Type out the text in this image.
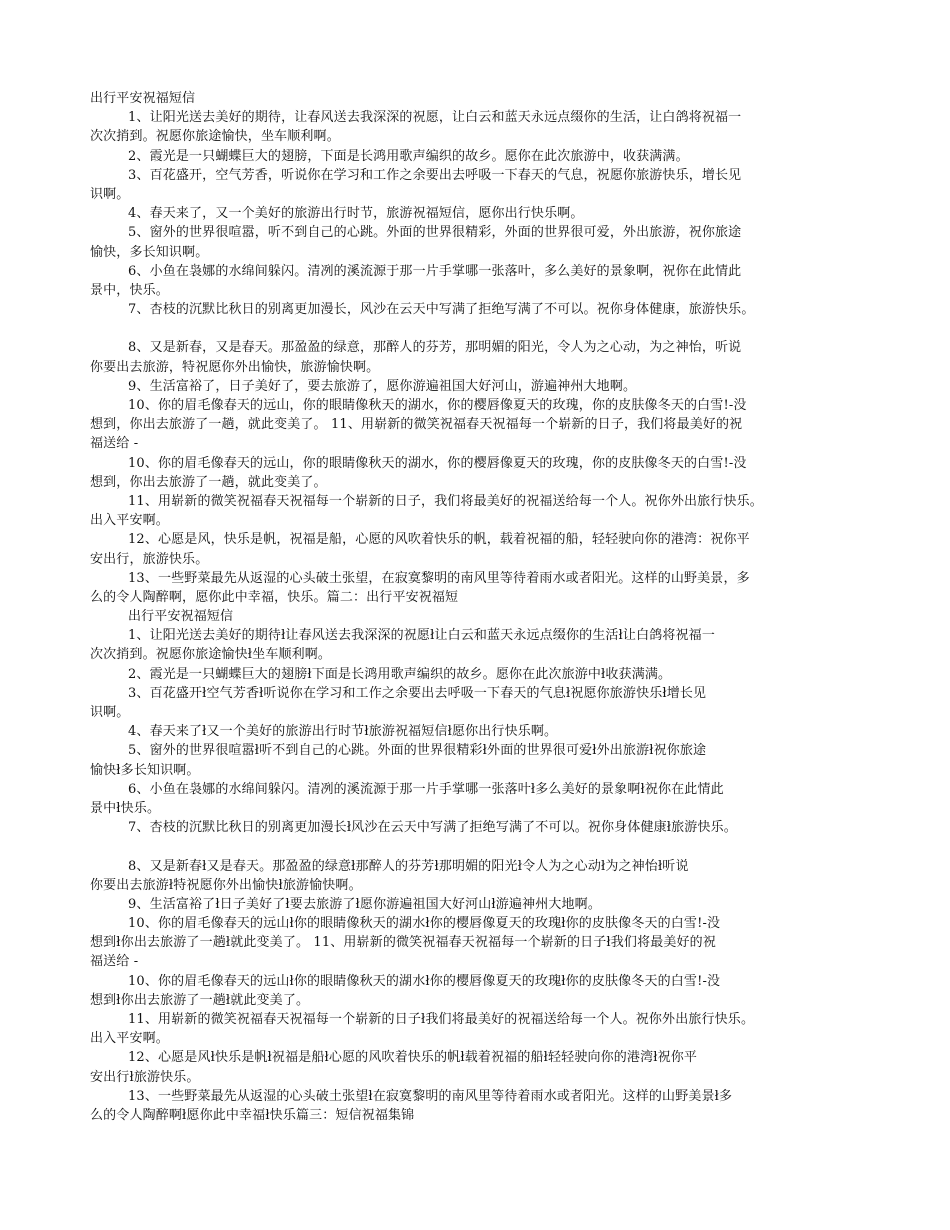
出行平安祝福短信
1、让阳光送去美好的期待，让春风送去我深深的祝愿，让白云和蓝天永远点缀你的生活，让白鸽将祝福一
次次捎到。祝愿你旅途愉快，坐车顺利啊。
2、霞光是一只蝴蝶巨大的翅膀，下面是长鸿用歌声编织的故乡。愿你在此次旅游中，收获满满。
3、百花盛开，空气芳香，听说你在学习和工作之余要出去呼吸一下春天的气息，祝愿你旅游快乐，增长见
识啊。
4、春天来了，又一个美好的旅游出行时节，旅游祝福短信，愿你出行快乐啊。
5、窗外的世界很喧嚣，听不到自己的心跳。外面的世界很精彩，外面的世界很可爱，外出旅游，祝你旅途
愉快，多长知识啊。
6、小鱼在袅娜的水绵间躲闪。清冽的溪流源于那一片手掌哪一张落叶，多么美好的景象啊，祝你在此情此
景中，快乐。
7、杏枝的沉默比秋日的别离更加漫长，风沙在云天中写满了拒绝写满了不可以。祝你身体健康，旅游快乐。
8、又是新春，又是春天。那盈盈的绿意，那醉人的芬芳，那明媚的阳光，令人为之心动，为之神怡，听说
你要出去旅游，特祝愿你外出愉快，旅游愉快啊。
9、生活富裕了，日子美好了，要去旅游了，愿你游遍祖国大好河山，游遍神州大地啊。
10、你的眉毛像春天的远山，你的眼睛像秋天的湖水，你的樱唇像夏天的玫瑰，你的皮肤像冬天的白雪!-没
想到，你出去旅游了一趟，就此变美了。 11、用崭新的微笑祝福春天祝福每一个崭新的日子，我们将最美好的祝
福送给 -
10、你的眉毛像春天的远山，你的眼睛像秋天的湖水，你的樱唇像夏天的玫瑰，你的皮肤像冬天的白雪!-没
想到，你出去旅游了一趟，就此变美了。
11、用崭新的微笑祝福春天祝福每一个崭新的日子，我们将最美好的祝福送给每一个人。祝你外出旅行快乐。
出入平安啊。
12、心愿是风，快乐是帆，祝福是船，心愿的风吹着快乐的帆，载着祝福的船，轻轻驶向你的港湾：祝你平
安出行，旅游快乐。
13、一些野菜最先从返湿的心头破土张望，在寂寞黎明的南风里等待着雨水或者阳光。这样的山野美景，多
么的令人陶醉啊，愿你此中幸福，快乐。篇二：出行平安祝福短
出行平安祝福短信
1、让阳光送去美好的期待ł让春风送去我深深的祝愿ł让白云和蓝天永远点缀你的生活ł让白鸽将祝福一
次次捎到。祝愿你旅途愉快ł坐车顺利啊。
2、霞光是一只蝴蝶巨大的翅膀ł下面是长鸿用歌声编织的故乡。愿你在此次旅游中ł收获满满。
3、百花盛开ł空气芳香ł听说你在学习和工作之余要出去呼吸一下春天的气息ł祝愿你旅游快乐ł增长见
识啊。
4、春天来了ł又一个美好的旅游出行时节ł旅游祝福短信ł愿你出行快乐啊。
5、窗外的世界很喧嚣ł听不到自己的心跳。外面的世界很精彩ł外面的世界很可爱ł外出旅游ł祝你旅途
愉快ł多长知识啊。
6、小鱼在袅娜的水绵间躲闪。清冽的溪流源于那一片手掌哪一张落叶ł多么美好的景象啊ł祝你在此情此
景中ł快乐。
7、杏枝的沉默比秋日的别离更加漫长ł风沙在云天中写满了拒绝写满了不可以。祝你身体健康ł旅游快乐。
8、又是新春ł又是春天。那盈盈的绿意ł那醉人的芬芳ł那明媚的阳光ł令人为之心动ł为之神怡ł听说
你要出去旅游ł特祝愿你外出愉快ł旅游愉快啊。
9、生活富裕了ł日子美好了ł要去旅游了ł愿你游遍祖国大好河山ł游遍神州大地啊。
10、你的眉毛像春天的远山ł你的眼睛像秋天的湖水ł你的樱唇像夏天的玫瑰ł你的皮肤像冬天的白雪!-没
想到ł你出去旅游了一趟ł就此变美了。 11、用崭新的微笑祝福春天祝福每一个崭新的日子ł我们将最美好的祝
福送给 -
10、你的眉毛像春天的远山ł你的眼睛像秋天的湖水ł你的樱唇像夏天的玫瑰ł你的皮肤像冬天的白雪!-没
想到ł你出去旅游了一趟ł就此变美了。
11、用崭新的微笑祝福春天祝福每一个崭新的日子ł我们将最美好的祝福送给每一个人。祝你外出旅行快乐。
出入平安啊。
12、心愿是风ł快乐是帆ł祝福是船ł心愿的风吹着快乐的帆ł载着祝福的船ł轻轻驶向你的港湾ł祝你平
安出行ł旅游快乐。
13、一些野菜最先从返湿的心头破土张望ł在寂寞黎明的南风里等待着雨水或者阳光。这样的山野美景ł多
么的令人陶醉啊ł愿你此中幸福ł快乐篇三：短信祝福集锦
